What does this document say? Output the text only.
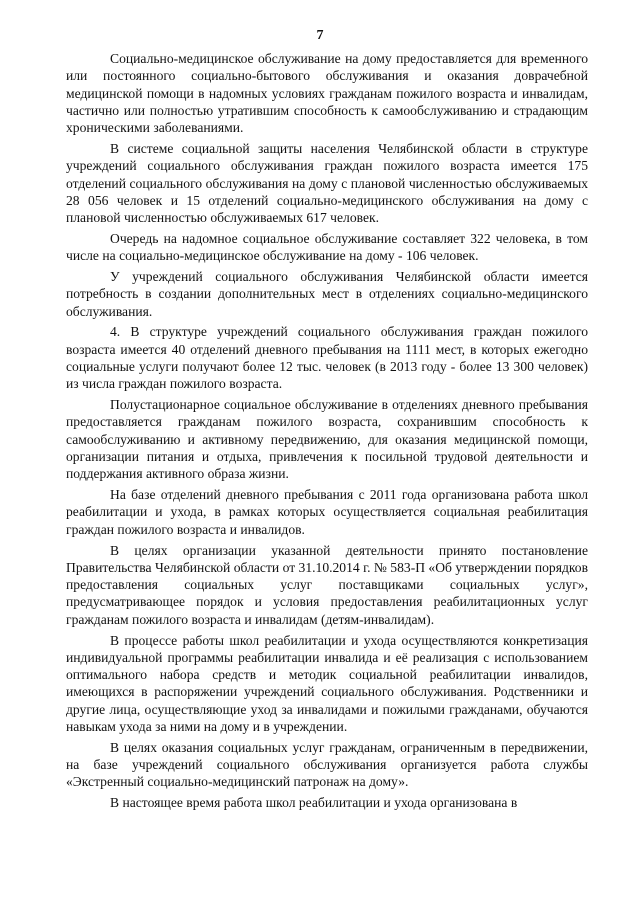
7

Социально-медицинское обслуживание на дому предоставляется для временного или постоянного социально-бытового обслуживания и оказания доврачебной медицинской помощи в надомных условиях гражданам пожилого возраста и инвалидам, частично или полностью утратившим способность к самообслуживанию и страдающим хроническими заболеваниями.

В системе социальной защиты населения Челябинской области в структуре учреждений социального обслуживания граждан пожилого возраста имеется 175 отделений социального обслуживания на дому с плановой численностью обслуживаемых 28 056 человек и 15 отделений социально-медицинского обслуживания на дому с плановой численностью обслуживаемых 617 человек.

Очередь на надомное социальное обслуживание составляет 322 человека, в том числе на социально-медицинское обслуживание на дому - 106 человек.

У учреждений социального обслуживания Челябинской области имеется потребность в создании дополнительных мест в отделениях социально-медицинского обслуживания.

4. В структуре учреждений социального обслуживания граждан пожилого возраста имеется 40 отделений дневного пребывания на 1111 мест, в которых ежегодно социальные услуги получают более 12 тыс. человек (в 2013 году - более 13 300 человек) из числа граждан пожилого возраста.

Полустационарное социальное обслуживание в отделениях дневного пребывания предоставляется гражданам пожилого возраста, сохранившим способность к самообслуживанию и активному передвижению, для оказания медицинской помощи, организации питания и отдыха, привлечения к посильной трудовой деятельности и поддержания активного образа жизни.

На базе отделений дневного пребывания с 2011 года организована работа школ реабилитации и ухода, в рамках которых осуществляется социальная реабилитация граждан пожилого возраста и инвалидов.

В целях организации указанной деятельности принято постановление Правительства Челябинской области от 31.10.2014 г. № 583-П «Об утверждении порядков предоставления социальных услуг поставщиками социальных услуг», предусматривающее порядок и условия предоставления реабилитационных услуг гражданам пожилого возраста и инвалидам (детям-инвалидам).

В процессе работы школ реабилитации и ухода осуществляются конкретизация индивидуальной программы реабилитации инвалида и её реализация с использованием оптимального набора средств и методик социальной реабилитации инвалидов, имеющихся в распоряжении учреждений социального обслуживания. Родственники и другие лица, осуществляющие уход за инвалидами и пожилыми гражданами, обучаются навыкам ухода за ними на дому и в учреждении.

В целях оказания социальных услуг гражданам, ограниченным в передвижении, на базе учреждений социального обслуживания организуется работа службы «Экстренный социально-медицинский патронаж на дому».

В настоящее время работа школ реабилитации и ухода организована в
